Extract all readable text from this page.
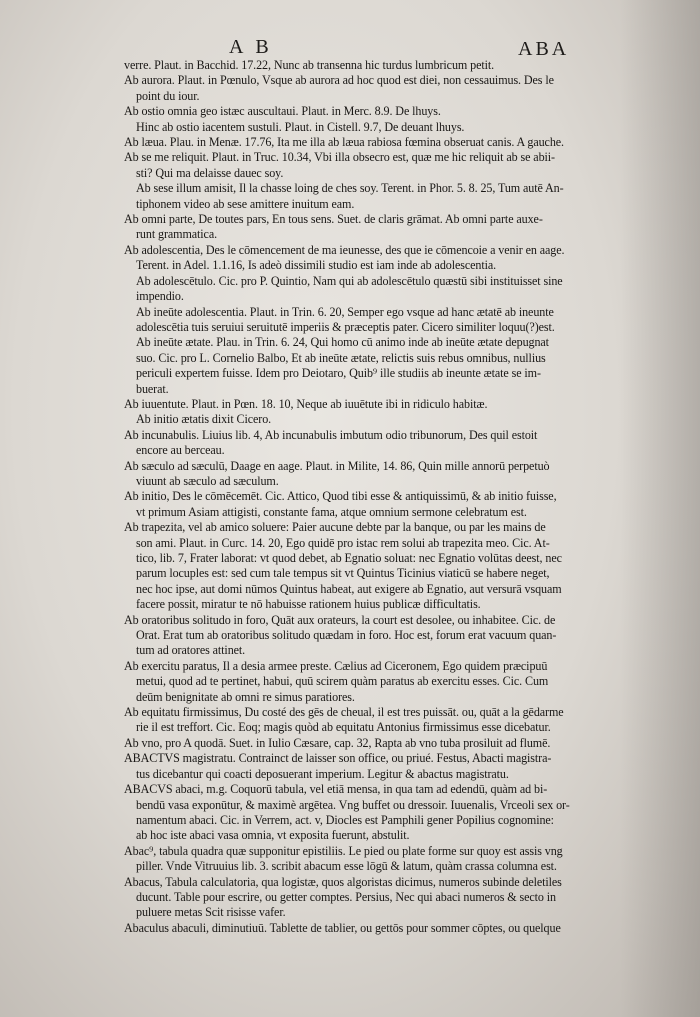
A B	ABA
verre. Plaut. in Bacchid. 17.22, Nunc ab transenna hic turdus lumbricum petit.
Ab aurora. Plaut. in Pœnulo, Vsque ab aurora ad hoc quod est diei, non cessauimus. Des le
point du iour.
Ab ostio omnia geo istæc auscultaui. Plaut. in Merc. 8.9. De lhuys.
Hinc ab ostio iacentem sustuli. Plaut. in Cistell. 9.7, De deuant lhuys.
Ab læua. Plau. in Menæ. 17.76, Ita me illa ab læua rabiosa fœmina obseruat canis. A gauche.
Ab se me reliquit. Plaut. in Truc. 10.34, Vbi illa obsecro est, quæ me hic reliquit ab se abii-
sti? Qui ma delaisse dauec soy.
Ab sese illum amisit, Il la chasse loing de ches soy. Terent. in Phor. 5. 8. 25, Tum autē An-
tiphonem video ab sese amittere inuitum eam.
Ab omni parte, De toutes pars, En tous sens. Suet. de claris grāmat. Ab omni parte auxe-
runt grammatica.
Ab adolescentia, Des le cōmencement de ma ieunesse, des que ie cōmencoie a venir en aage.
Terent. in Adel. 1.1.16, Is adeò dissimili studio est iam inde ab adolescentia.
Ab adolescētulo. Cic. pro P. Quintio, Nam qui ab adolescētulo quæstū sibi instituisset sine
impendio.
Ab ineūte adolescentia. Plaut. in Trin. 6. 20, Semper ego vsque ad hanc ætatē ab ineunte
adolescētia tuis seruiui seruitutē imperiis & præceptis pater. Cicero similiter loquu(?)est.
Ab ineūte ætate. Plau. in Trin. 6. 24, Qui homo cū animo inde ab ineūte ætate depugnat
suo. Cic. pro L. Cornelio Balbo, Et ab ineūte ætate, relictis suis rebus omnibus, nullius
periculi expertem fuisse. Idem pro Deiotaro, Quib⁹ ille studiis ab ineunte ætate se im-
buerat.
Ab iuuentute. Plaut. in Pœn. 18. 10, Neque ab iuuētute ibi in ridiculo habitæ.
Ab initio ætatis dixit Cicero.
Ab incunabulis. Liuius lib. 4, Ab incunabulis imbutum odio tribunorum, Des quil estoit
encore au berceau.
Ab sæculo ad sæculū, Daage en aage. Plaut. in Milite, 14. 86, Quin mille annorū perpetuò
viuunt ab sæculo ad sæculum.
Ab initio, Des le cōmēcemēt. Cic. Attico, Quod tibi esse & antiquissimū, & ab initio fuisse,
vt primum Asiam attigisti, constante fama, atque omnium sermone celebratum est.
Ab trapezita, vel ab amico soluere: Paier aucune debte par la banque, ou par les mains de
son ami. Plaut. in Curc. 14. 20, Ego quidē pro istac rem solui ab trapezita meo. Cic. At-
tico, lib. 7, Frater laborat: vt quod debet, ab Egnatio soluat: nec Egnatio volūtas deest, nec
parum locuples est: sed cum tale tempus sit vt Quintus Ticinius viaticū se habere neget,
nec hoc ipse, aut domi nūmos Quintus habeat, aut exigere ab Egnatio, aut versurā vsquam
facere possit, miratur te nō habuisse rationem huius publicæ difficultatis.
Ab oratoribus solitudo in foro, Quāt aux orateurs, la court est desolee, ou inhabitee. Cic. de
Orat. Erat tum ab oratoribus solitudo quædam in foro. Hoc est, forum erat vacuum quan-
tum ad oratores attinet.
Ab exercitu paratus, Il a desia armee preste. Cælius ad Ciceronem, Ego quidem præcipuū
metui, quod ad te pertinet, habui, quū scirem quàm paratus ab exercitu esses. Cic. Cum
deūm benignitate ab omni re simus paratiores.
Ab equitatu firmissimus, Du costé des gēs de cheual, il est tres puissāt. ou, quāt a la gēdarme
rie il est treffort. Cic. Eoq; magis quòd ab equitatu Antonius firmissimus esse dicebatur.
Ab vno, pro A quodā. Suet. in Iulio Cæsare, cap. 32, Rapta ab vno tuba prosiluit ad flumē.
ABACTVS magistratu. Contrainct de laisser son office, ou priué. Festus, Abacti magistra-
tus dicebantur qui coacti deposuerant imperium. Legitur & abactus magistratu.
ABACVS abaci, m.g. Coquorū tabula, vel etiā mensa, in qua tam ad edendū, quàm ad bi-
bendū vasa exponūtur, & maximè argētea. Vng buffet ou dressoir. Iuuenalis, Vrceoli sex or-
namentum abaci. Cic. in Verrem, act. v, Diocles est Pamphili gener Popilius cognomine:
ab hoc iste abaci vasa omnia, vt exposita fuerunt, abstulit.
Abac⁹, tabula quadra quæ supponitur epistiliis. Le pied ou plate forme sur quoy est assis vng
piller. Vnde Vitruuius lib. 3. scribit abacum esse lōgū & latum, quàm crassa columna est.
Abacus, Tabula calculatoria, qua logistæ, quos algoristas dicimus, numeros subinde deletiles
ducunt. Table pour escrire, ou getter comptes. Persius, Nec qui abaci numeros & secto in
puluere metas Scit risisse vafer.
Abaculus abaculi, diminutiuū. Tablette de tablier, ou gettōs pour sommer cōptes, ou quelque
